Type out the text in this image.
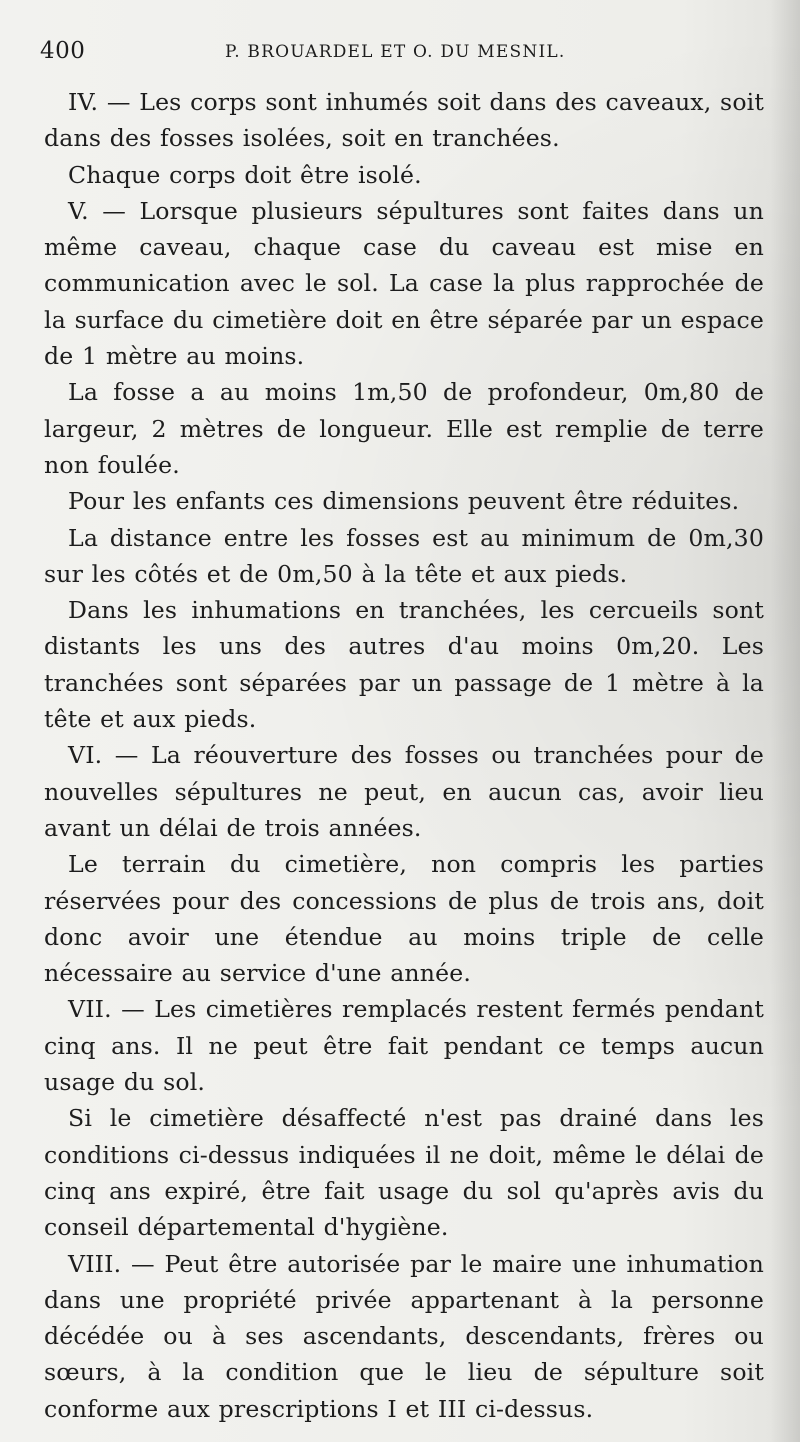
400	P. BROUARDEL ET O. DU MESNIL.

IV. — Les corps sont inhumés soit dans des caveaux, soit dans des fosses isolées, soit en tranchées.

Chaque corps doit être isolé.

V. — Lorsque plusieurs sépultures sont faites dans un même caveau, chaque case du caveau est mise en communication avec le sol. La case la plus rapprochée de la surface du cimetière doit en être séparée par un espace de 1 mètre au moins.

La fosse a au moins 1m,50 de profondeur, 0m,80 de largeur, 2 mètres de longueur. Elle est remplie de terre non foulée.

Pour les enfants ces dimensions peuvent être réduites.

La distance entre les fosses est au minimum de 0m,30 sur les côtés et de 0m,50 à la tête et aux pieds.

Dans les inhumations en tranchées, les cercueils sont distants les uns des autres d'au moins 0m,20. Les tranchées sont séparées par un passage de 1 mètre à la tête et aux pieds.

VI. — La réouverture des fosses ou tranchées pour de nouvelles sépultures ne peut, en aucun cas, avoir lieu avant un délai de trois années.

Le terrain du cimetière, non compris les parties réservées pour des concessions de plus de trois ans, doit donc avoir une étendue au moins triple de celle nécessaire au service d'une année.

VII. — Les cimetières remplacés restent fermés pendant cinq ans. Il ne peut être fait pendant ce temps aucun usage du sol.

Si le cimetière désaffecté n'est pas drainé dans les conditions ci-dessus indiquées il ne doit, même le délai de cinq ans expiré, être fait usage du sol qu'après avis du conseil départemental d'hygiène.

VIII. — Peut être autorisée par le maire une inhumation dans une propriété privée appartenant à la personne décédée ou à ses ascendants, descendants, frères ou sœurs, à la condition que le lieu de sépulture soit conforme aux prescriptions I et III ci-dessus.
